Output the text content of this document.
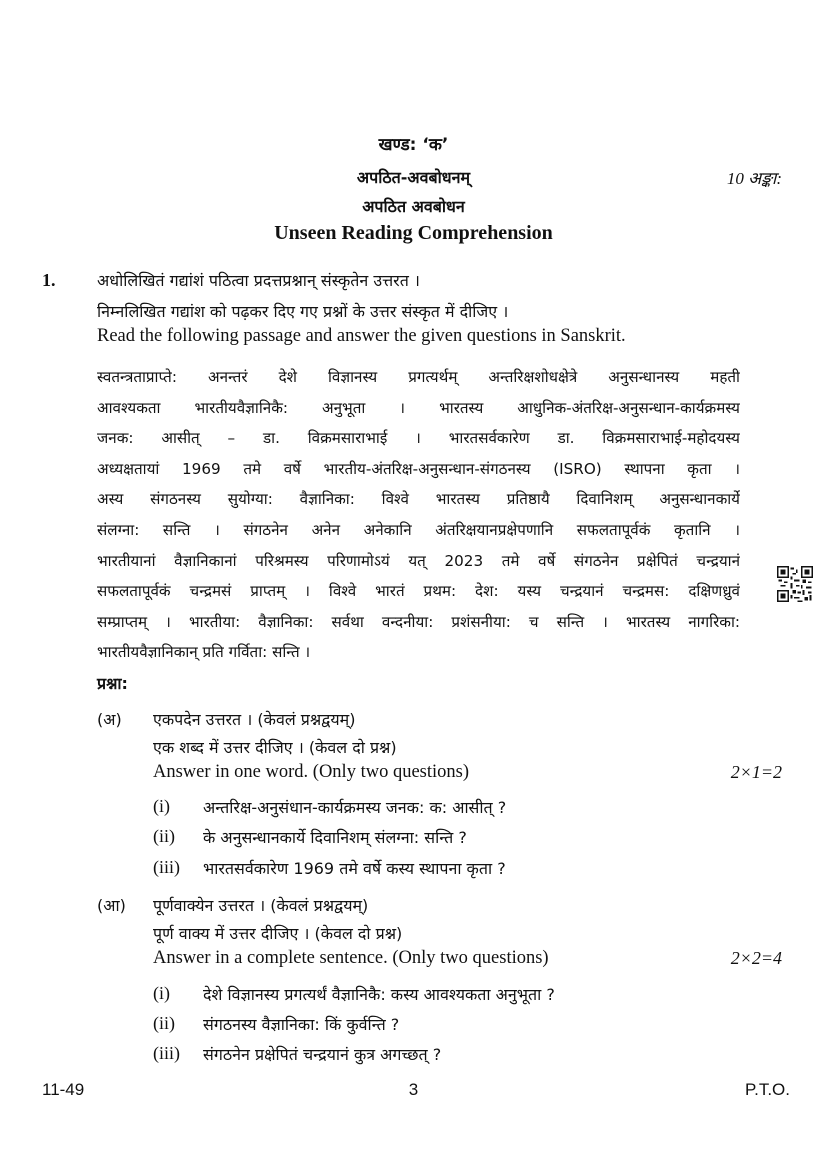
खण्ड: ‘क’
अपठित-अवबोधनम्	10 अङ्का:
अपठित अवबोधन
Unseen Reading Comprehension
1.	अधोलिखितं गद्यांशं पठित्वा प्रदत्तप्रश्नान् संस्कृतेन उत्तरत ।
निम्नलिखित गद्यांश को पढ़कर दिए गए प्रश्नों के उत्तर संस्कृत में दीजिए ।
Read the following passage and answer the given questions in Sanskrit.
स्वतन्त्रताप्राप्ते: अनन्तरं देशे विज्ञानस्य प्रगत्यर्थम् अन्तरिक्षशोधक्षेत्रे अनुसन्धानस्य महती
आवश्यकता भारतीयवैज्ञानिकै: अनुभूता । भारतस्य आधुनिक-अंतरिक्ष-अनुसन्धान-कार्यक्रमस्य
जनक: आसीत् – डा. विक्रमसाराभाई । भारतसर्वकारेण डा. विक्रमसाराभाई-महोदयस्य
अध्यक्षतायां 1969 तमे वर्षे भारतीय-अंतरिक्ष-अनुसन्धान-संगठनस्य (ISRO) स्थापना कृता ।
अस्य संगठनस्य सुयोग्या: वैज्ञानिका: विश्वे भारतस्य प्रतिष्ठायै दिवानिशम् अनुसन्धानकार्ये
संलग्ना: सन्ति । संगठनेन अनेन अनेकानि अंतरिक्षयानप्रक्षेपणानि सफलतापूर्वकं कृतानि ।
भारतीयानां वैज्ञानिकानां परिश्रमस्य परिणामोऽयं यत् 2023 तमे वर्षे संगठनेन प्रक्षेपितं चन्द्रयानं
सफलतापूर्वकं चन्द्रमसं प्राप्तम् । विश्वे भारतं प्रथम: देश: यस्य चन्द्रयानं चन्द्रमस: दक्षिणध्रुवं
सम्प्राप्तम् । भारतीया: वैज्ञानिका: सर्वथा वन्दनीया: प्रशंसनीया: च सन्ति । भारतस्य नागरिका:
भारतीयवैज्ञानिकान् प्रति गर्विता: सन्ति ।
प्रश्ना:
(अ) एकपदेन उत्तरत । (केवलं प्रश्नद्वयम्)
एक शब्द में उत्तर दीजिए । (केवल दो प्रश्न)
Answer in one word. (Only two questions)	2×1=2
(i) अन्तरिक्ष-अनुसंधान-कार्यक्रमस्य जनक: क: आसीत् ?
(ii) के अनुसन्धानकार्ये दिवानिशम् संलग्ना: सन्ति ?
(iii) भारतसर्वकारेण 1969 तमे वर्षे कस्य स्थापना कृता ?
(आ) पूर्णवाक्येन उत्तरत । (केवलं प्रश्नद्वयम्)
पूर्ण वाक्य में उत्तर दीजिए । (केवल दो प्रश्न)
Answer in a complete sentence. (Only two questions)	2×2=4
(i) देशे विज्ञानस्य प्रगत्यर्थं वैज्ञानिकै: कस्य आवश्यकता अनुभूता ?
(ii) संगठनस्य वैज्ञानिका: किं कुर्वन्ति ?
(iii) संगठनेन प्रक्षेपितं चन्द्रयानं कुत्र अगच्छत् ?
11-49	3	P.T.O.
